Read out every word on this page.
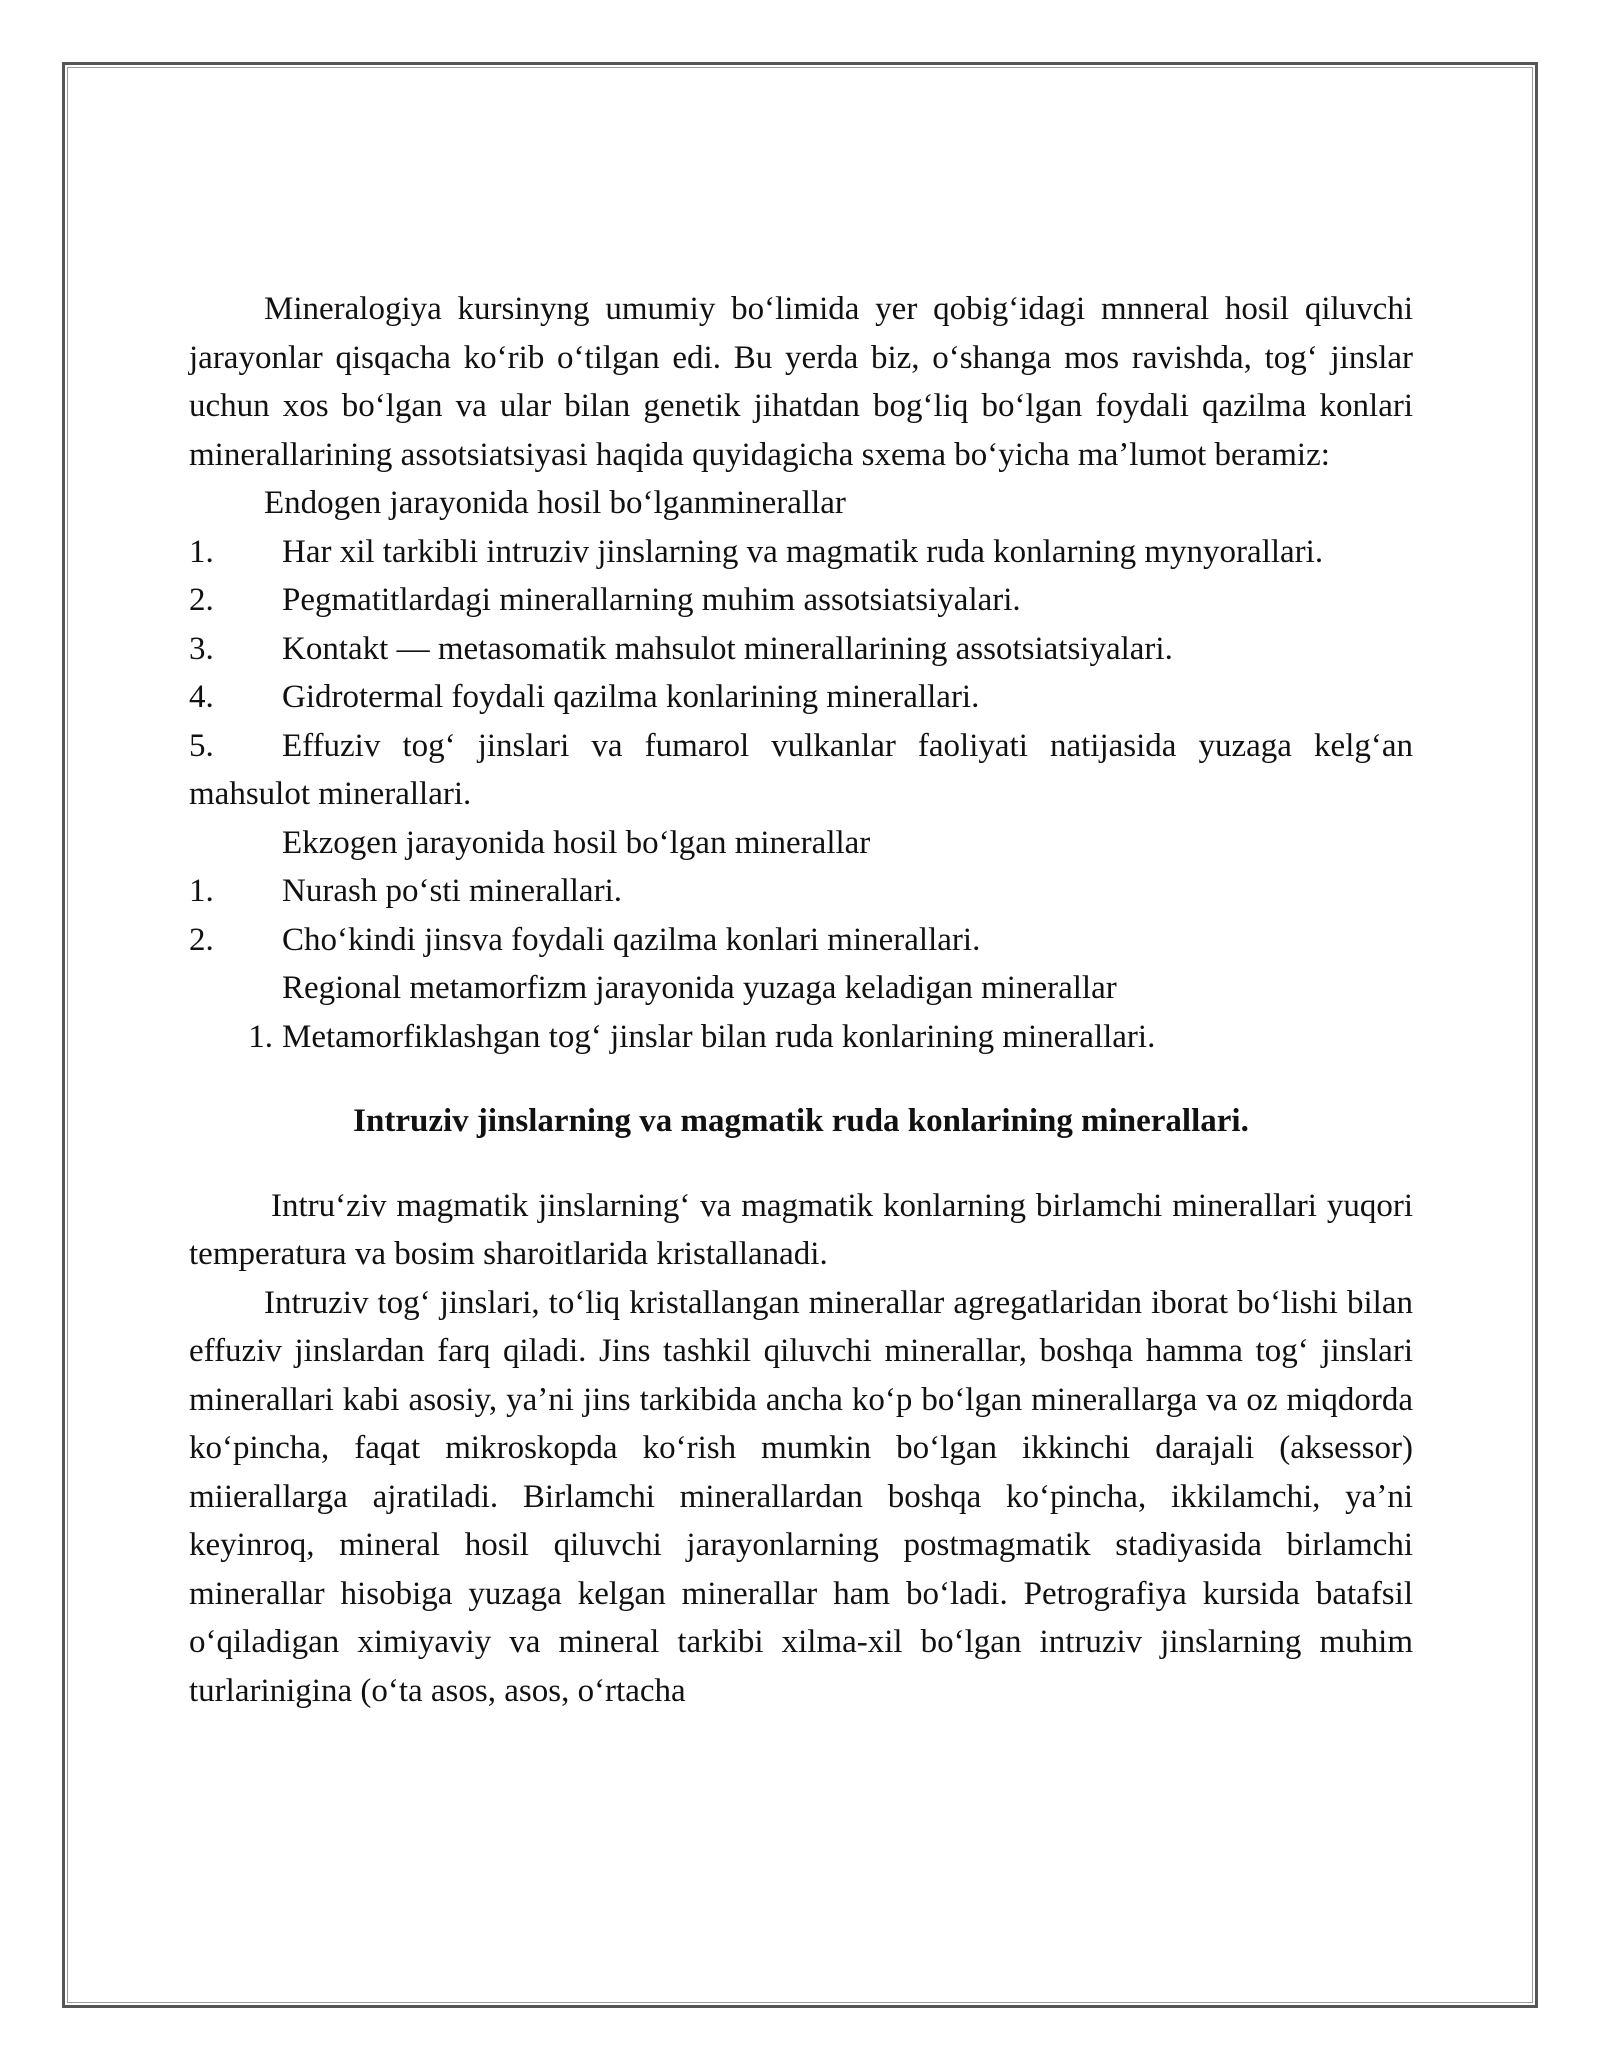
Mineralogiya kursinyng umumiy boʻlimida yer qobigʻidagi mnneral hosil qiluvchi jarayonlar qisqacha koʻrib oʻtilgan edi. Bu yerda biz, oʻshanga mos ravishda, togʻ jinslar uchun xos boʻlgan va ular bilan genetik jihatdan bogʻliq boʻlgan foydali qazilma konlari minerallarining assotsiatsiyasi haqida quyidagicha sxema boʻyicha maʼlumot beramiz:

Endogen jarayonida hosil boʻlganminerallar

1. Har xil tarkibli intruziv jinslarning va magmatik ruda konlarning mynyorallari.
2.	Pegmatitlardagi minerallarning muhim assotsiatsiyalari.
3.	Kontakt — metasomatik mahsulot minerallarining assotsiatsiyalari.
4.	Gidrotermal foydali qazilma konlarining minerallari.
5. Effuziv togʻ jinslari va fumarol vulkanlar faoliyati natijasida yuzaga kelgʻan mahsulot minerallari.

Ekzogen jarayonida hosil boʻlgan minerallar

1.	Nurash poʻsti minerallari.
2.	Choʻkindi jinsva foydali qazilma konlari minerallari.

Regional metamorfizm jarayonida yuzaga keladigan minerallar

1. Metamorfiklashgan togʻ jinslar bilan ruda konlarining minerallari.

Intruziv jinslarning va magmatik ruda konlarining minerallari.

Intruʻziv magmatik jinslarningʻ va magmatik konlarning birlamchi minerallari yuqori temperatura va bosim sharoitlarida kristallanadi.

Intruziv togʻ jinslari, toʻliq kristallangan minerallar agregatlaridan iborat boʻlishi bilan effuziv jinslardan farq qiladi. Jins tashkil qiluvchi minerallar, boshqa hamma togʻ jinslari minerallari kabi asosiy, yaʼni jins tarkibida ancha koʻp boʻlgan minerallarga va oz miqdorda koʻpincha, faqat mikroskopda koʻrish mumkin boʻlgan ikkinchi darajali (aksessor) miierallarga ajratiladi. Birlamchi minerallardan boshqa koʻpincha, ikkilamchi, yaʼni keyinroq, mineral hosil qiluvchi jarayonlarning postmagmatik stadiyasida birlamchi minerallar hisobiga yuzaga kelgan minerallar ham boʻladi. Petrografiya kursida batafsil oʻqiladigan ximiyaviy va mineral tarkibi xilma-xil boʻlgan intruziv jinslarning muhim turlarinigina (oʻta asos, asos, oʻrtacha
